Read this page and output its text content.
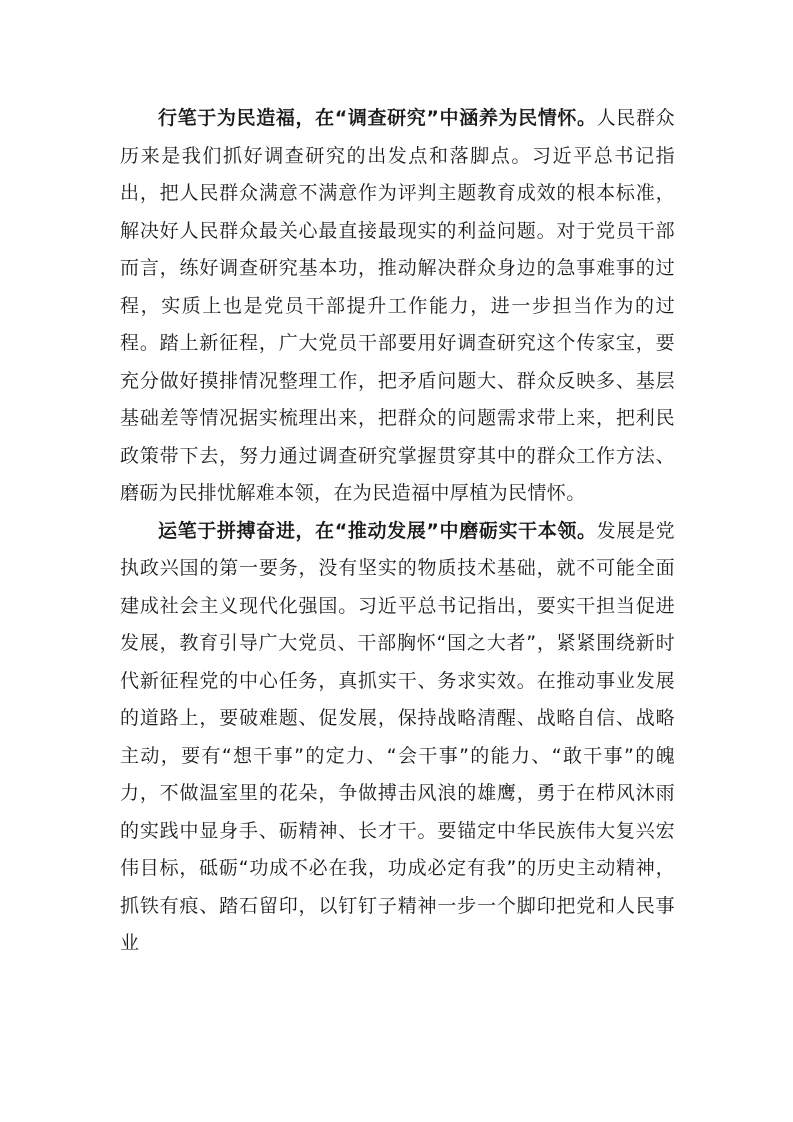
行笔于为民造福，在“调查研究”中涵养为民情怀。人民群众历来是我们抓好调查研究的出发点和落脚点。习近平总书记指出，把人民群众满意不满意作为评判主题教育成效的根本标准，解决好人民群众最关心最直接最现实的利益问题。对于党员干部而言，练好调查研究基本功，推动解决群众身边的急事难事的过程，实质上也是党员干部提升工作能力，进一步担当作为的过程。踏上新征程，广大党员干部要用好调查研究这个传家宝，要充分做好摸排情况整理工作，把矛盾问题大、群众反映多、基层基础差等情况据实梳理出来，把群众的问题需求带上来，把利民政策带下去，努力通过调查研究掌握贯穿其中的群众工作方法、磨砺为民排忧解难本领，在为民造福中厚植为民情怀。

运笔于拼搏奋进，在“推动发展”中磨砺实干本领。发展是党执政兴国的第一要务，没有坚实的物质技术基础，就不可能全面建成社会主义现代化强国。习近平总书记指出，要实干担当促进发展，教育引导广大党员、干部胸怀“国之大者”，紧紧围绕新时代新征程党的中心任务，真抓实干、务求实效。在推动事业发展的道路上，要破难题、促发展，保持战略清醒、战略自信、战略主动，要有“想干事”的定力、“会干事”的能力、“敢干事”的魄力，不做温室里的花朵，争做搏击风浪的雄鹰，勇于在栉风沐雨的实践中显身手、砺精神、长才干。要锚定中华民族伟大复兴宏伟目标，砥砺“功成不必在我，功成必定有我”的历史主动精神，抓铁有痕、踏石留印，以钉钉子精神一步一个脚印把党和人民事业
